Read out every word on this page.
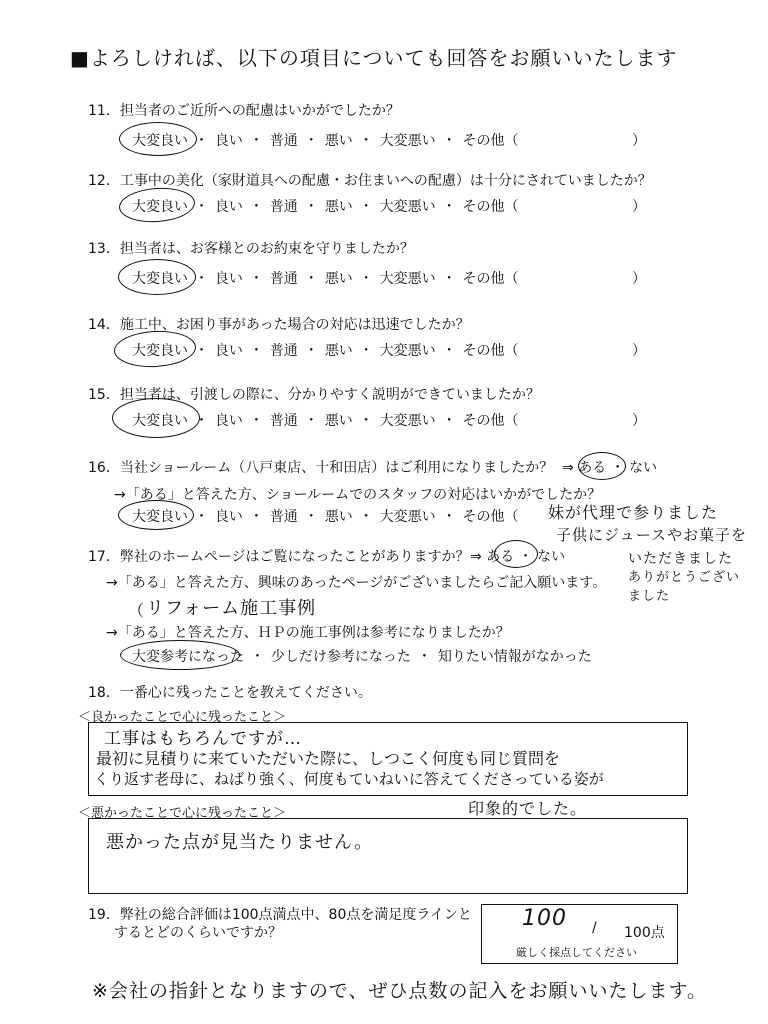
■よろしければ、以下の項目についても回答をお願いいたします
11．担当者のご近所への配慮はいかがでしたか？
大変良い ・ 良い ・ 普通 ・ 悪い ・ 大変悪い ・ その他（	）
12．工事中の美化（家財道具への配慮・お住まいへの配慮）は十分にされていましたか？
大変良い ・ 良い ・ 普通 ・ 悪い ・ 大変悪い ・ その他（	）
13．担当者は、お客様とのお約束を守りましたか？
大変良い ・ 良い ・ 普通 ・ 悪い ・ 大変悪い ・ その他（	）
14．施工中、お困り事があった場合の対応は迅速でしたか？
大変良い ・ 良い ・ 普通 ・ 悪い ・ 大変悪い ・ その他（	）
15．担当者は、引渡しの際に、分かりやすく説明ができていましたか？
大変良い ・ 良い ・ 普通 ・ 悪い ・ 大変悪い ・ その他（	）
16．当社ショールーム（八戸東店、十和田店）はご利用になりましたか？ ⇒ ある ・ ない
→「ある」と答えた方、ショールームでのスタッフの対応はいかがでしたか？
大変良い ・ 良い ・ 普通 ・ 悪い ・ 大変悪い ・ その他（ 妹が代理で参りました
子供にジュースやお菓子を
いただきました
ありがとうございました
17．弊社のホームページはご覧になったことがありますか？ ⇒ ある ・ ない
→「ある」と答えた方、興味のあったページがございましたらご記入願います。
（ リフォーム施工事例
→「ある」と答えた方、ＨＰの施工事例は参考になりましたか？
大変参考になった ・ 少しだけ参考になった ・ 知りたい情報がなかった
18．一番心に残ったことを教えてください。
＜良かったことで心に残ったこと＞
工事はもちろんですが…
最初に見積りに来ていただいた際に、しつこく何度も同じ質問を
くり返す老母に、ねばり強く、何度もていねいに答えてくださっている姿が
印象的でした。
＜悪かったことで心に残ったこと＞
悪かった点が見当たりません。
19．弊社の総合評価は100点満点中、80点を満足度ラインと
するとどのくらいですか？
100 / 100点
厳しく採点してください
※会社の指針となりますので、ぜひ点数の記入をお願いいたします。
